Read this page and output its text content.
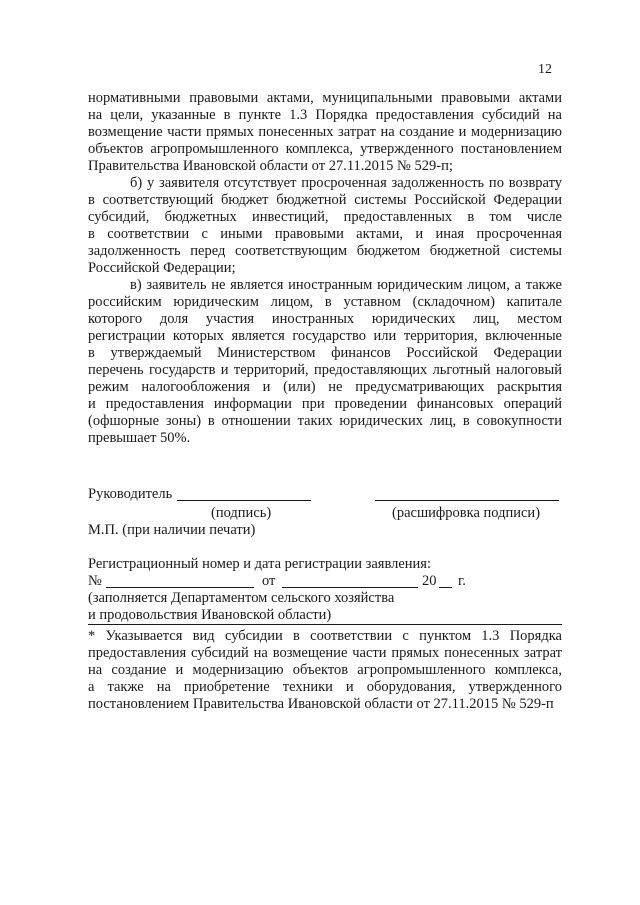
12
нормативными правовыми актами, муниципальными правовыми актами
на цели, указанные в пункте 1.3 Порядка предоставления субсидий на
возмещение части прямых понесенных затрат на создание и модернизацию
объектов агропромышленного комплекса, утвержденного постановлением
Правительства Ивановской области от 27.11.2015 № 529-п;
б) у заявителя отсутствует просроченная задолженность по возврату
в соответствующий бюджет бюджетной системы Российской Федерации
субсидий, бюджетных инвестиций, предоставленных в том числе
в соответствии с иными правовыми актами, и иная просроченная
задолженность перед соответствующим бюджетом бюджетной системы
Российской Федерации;
в) заявитель не является иностранным юридическим лицом, а также
российским юридическим лицом, в уставном (складочном) капитале
которого доля участия иностранных юридических лиц, местом
регистрации которых является государство или территория, включенные
в утверждаемый Министерством финансов Российской Федерации
перечень государств и территорий, предоставляющих льготный налоговый
режим налогообложения и (или) не предусматривающих раскрытия
и предоставления информации при проведении финансовых операций
(офшорные зоны) в отношении таких юридических лиц, в совокупности
превышает 50%.
Руководитель
(подпись)	(расшифровка подписи)
М.П. (при наличии печати)
Регистрационный номер и дата регистрации заявления:
№	от	20 г.
(заполняется Департаментом сельского хозяйства
и продовольствия Ивановской области)
* Указывается вид субсидии в соответствии с пунктом 1.3 Порядка
предоставления субсидий на возмещение части прямых понесенных затрат
на создание и модернизацию объектов агропромышленного комплекса,
а также на приобретение техники и оборудования, утвержденного
постановлением Правительства Ивановской области от 27.11.2015 № 529-п
